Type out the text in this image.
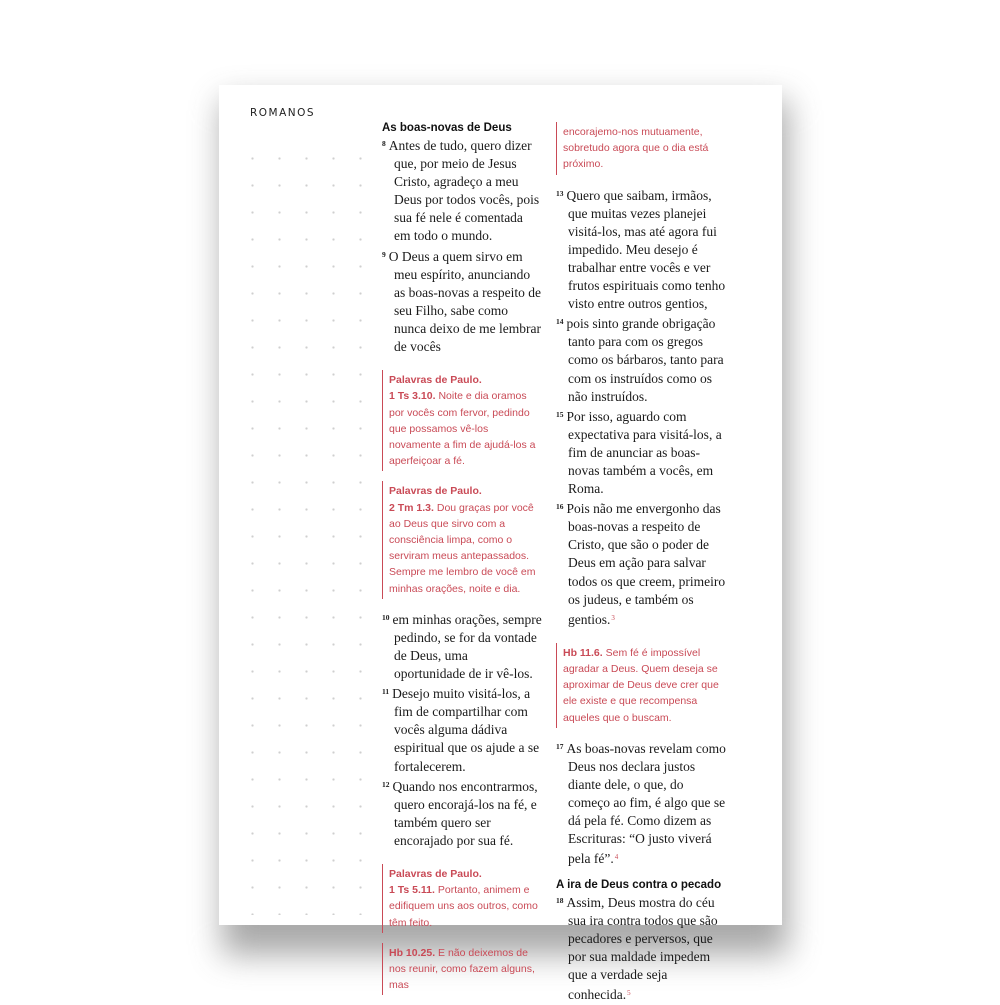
ROMANOS
As boas-novas de Deus

$^8$ Antes de tudo, quero dizer que, por meio de Jesus Cristo, agradeço a meu Deus por todos vocês, pois sua fé nele é comentada em todo o mundo.

$^9$ O Deus a quem sirvo em meu espírito, anunciando as boas-novas a respeito de seu Filho, sabe como nunca deixo de me lembrar de vocês

Palavras de Paulo.
1 Ts 3.10. Noite e dia oramos por vocês com fervor, pedindo que possamos vê-los novamente a fim de ajudá-los a aperfeiçoar a fé.
Palavras de Paulo.
2 Tm 1.3. Dou graças por você ao Deus que sirvo com a consciência limpa, como o serviram meus antepassados. Sempre me lembro de você em minhas orações, noite e dia.

$^{10}$ em minhas orações, sempre pedindo, se for da vontade de Deus, uma oportunidade de ir vê-los.

$^{11}$ Desejo muito visitá-los, a fim de compartilhar com vocês alguma dádiva espiritual que os ajude a se fortalecerem.

$^{12}$ Quando nos encontrarmos, quero encorajá-los na fé, e também quero ser encorajado por sua fé.

Palavras de Paulo.
1 Ts 5.11. Portanto, animem e edifiquem uns aos outros, como têm feito.
Hb 10.25. E não deixemos de nos reunir, como fazem alguns, mas
encorajemo-nos mutuamente, sobretudo agora que o dia está próximo.

$^{13}$ Quero que saibam, irmãos, que muitas vezes planejei visitá-los, mas até agora fui impedido. Meu desejo é trabalhar entre vocês e ver frutos espirituais como tenho visto entre outros gentios,

$^{14}$ pois sinto grande obrigação tanto para com os gregos como os bárbaros, tanto para com os instruídos como os não instruídos.

$^{15}$ Por isso, aguardo com expectativa para visitá-los, a fim de anunciar as boas-novas também a vocês, em Roma.

$^{16}$ Pois não me envergonho das boas-novas a respeito de Cristo, que são o poder de Deus em ação para salvar todos os que creem, primeiro os judeus, e também os gentios.$^3$

Hb 11.6. Sem fé é impossível agradar a Deus. Quem deseja se aproximar de Deus deve crer que ele existe e que recompensa aqueles que o buscam.

$^{17}$ As boas-novas revelam como Deus nos declara justos diante dele, o que, do começo ao fim, é algo que se dá pela fé. Como dizem as Escrituras: “O justo viverá pela fé”.$^4$

A ira de Deus contra o pecado

$^{18}$ Assim, Deus mostra do céu sua ira contra todos que são pecadores e perversos, que por sua maldade impedem que a verdade seja conhecida.$^5$
